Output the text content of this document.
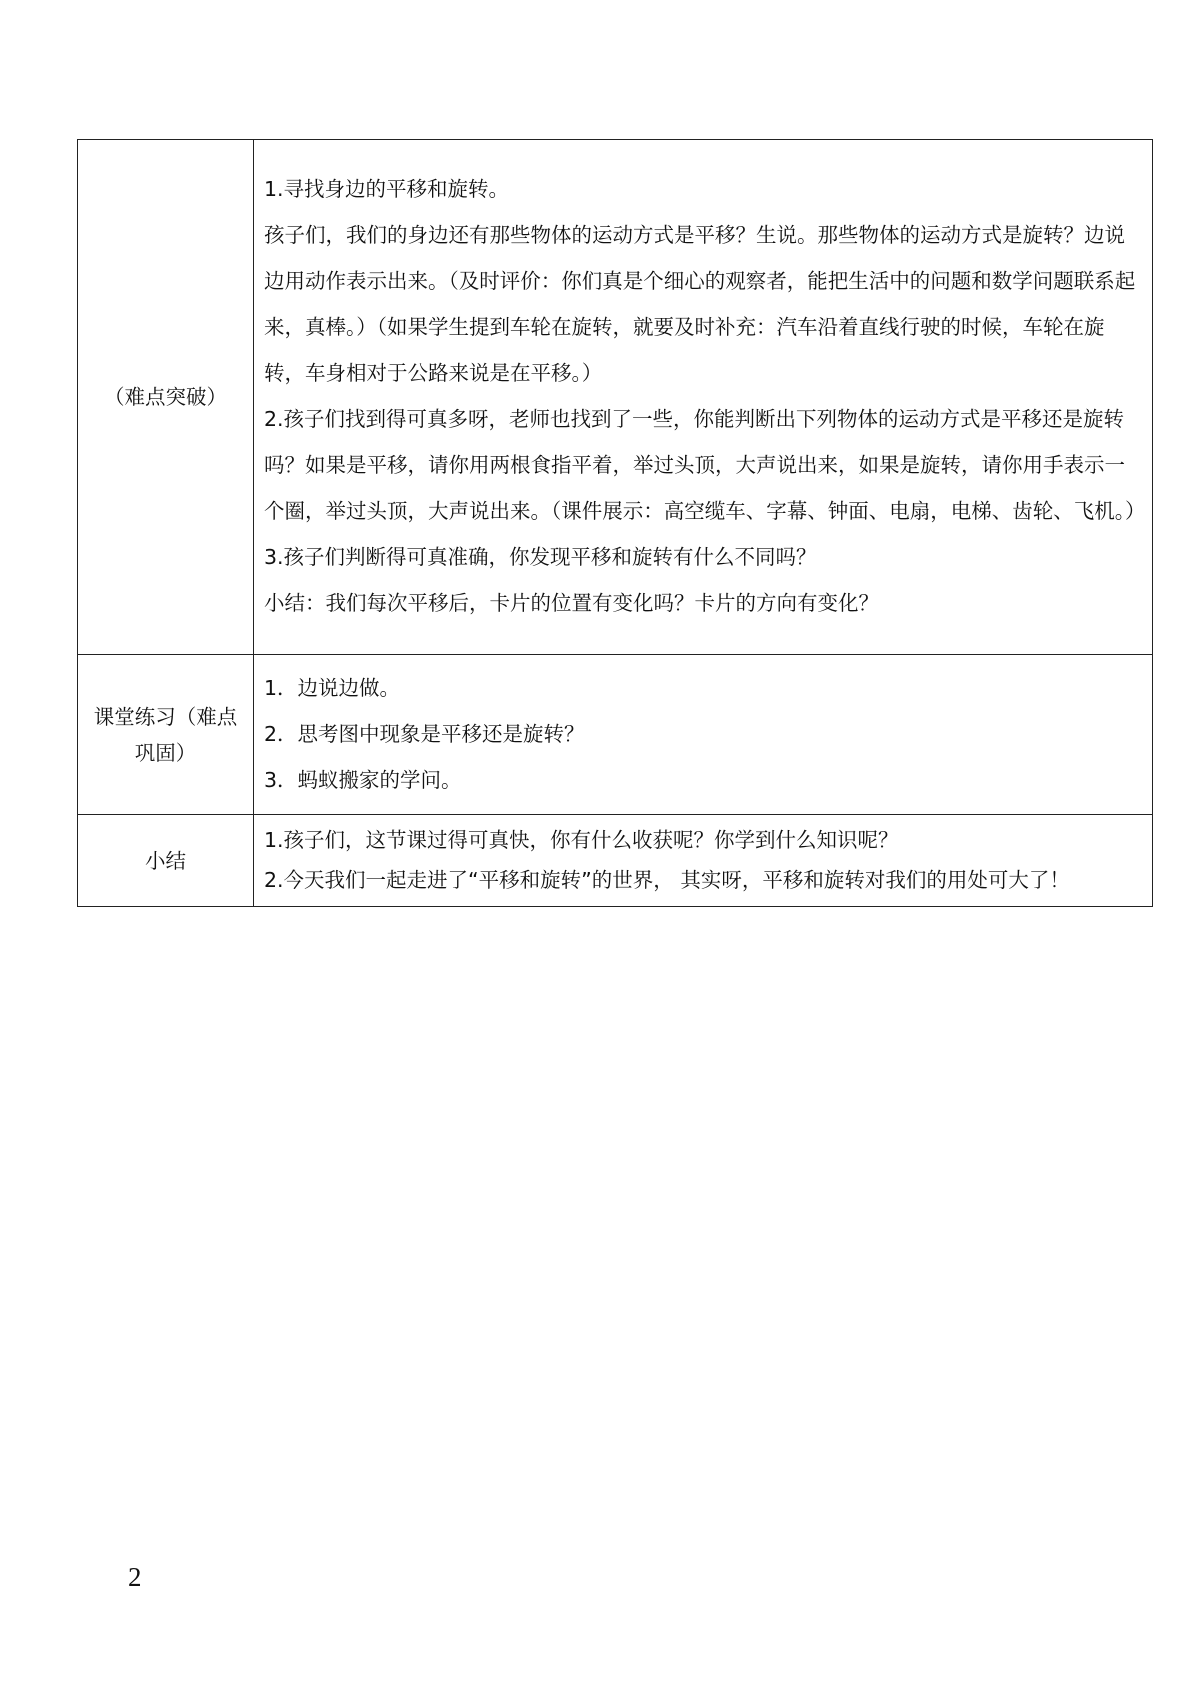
（难点突破）	1.寻找身边的平移和旋转。
孩子们，我们的身边还有那些物体的运动方式是平移？生说。那些物体的运动方式是旋转？边说边用动作表示出来。（及时评价：你们真是个细心的观察者，能把生活中的问题和数学问题联系起来，真棒。）（如果学生提到车轮在旋转，就要及时补充：汽车沿着直线行驶的时候，车轮在旋转，车身相对于公路来说是在平移。）
2.孩子们找到得可真多呀，老师也找到了一些，你能判断出下列物体的运动方式是平移还是旋转吗？如果是平移，请你用两根食指平着，举过头顶，大声说出来，如果是旋转，请你用手表示一个圈，举过头顶，大声说出来。（课件展示：高空缆车、字幕、钟面、电扇，电梯、齿轮、飞机。）
3.孩子们判断得可真准确，你发现平移和旋转有什么不同吗？
小结：我们每次平移后，卡片的位置有变化吗？卡片的方向有变化？

课堂练习（难点巩固）	1．边说边做。
2．思考图中现象是平移还是旋转？
3．蚂蚁搬家的学问。

小结	1.孩子们，这节课过得可真快，你有什么收获呢？你学到什么知识呢？
2.今天我们一起走进了“平移和旋转”的世界， 其实呀，平移和旋转对我们的用处可大了！
2
